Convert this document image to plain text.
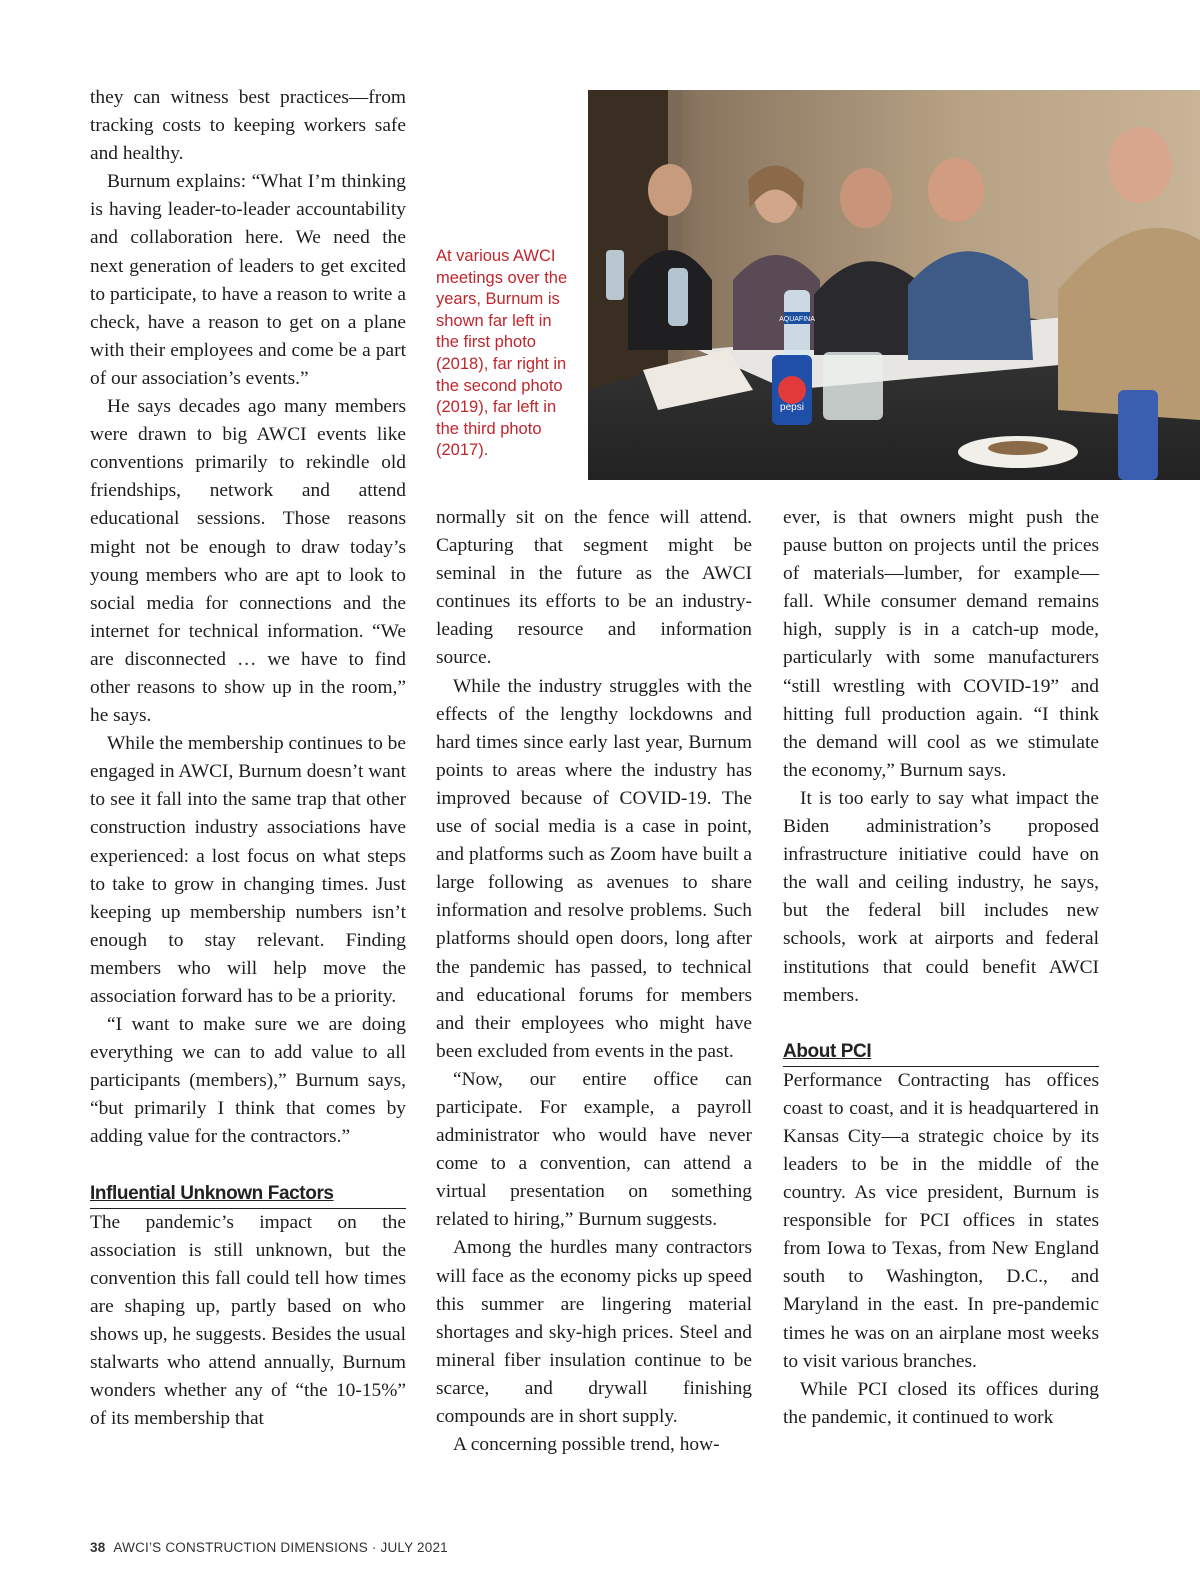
they can witness best practices—from tracking costs to keeping workers safe and healthy.

Burnum explains: “What I’m thinking is having leader-to-leader accountability and collaboration here. We need the next generation of leaders to get excited to participate, to have a reason to write a check, have a reason to get on a plane with their employees and come be a part of our association’s events.”

He says decades ago many members were drawn to big AWCI events like conventions primarily to rekindle old friendships, network and attend educational sessions. Those reasons might not be enough to draw today’s young members who are apt to look to social media for connections and the internet for technical information. “We are disconnected … we have to find other reasons to show up in the room,” he says.

While the membership continues to be engaged in AWCI, Burnum doesn’t want to see it fall into the same trap that other construction industry associations have experienced: a lost focus on what steps to take to grow in changing times. Just keeping up membership numbers isn’t enough to stay relevant. Finding members who will help move the association forward has to be a priority.

“I want to make sure we are doing everything we can to add value to all participants (members),” Burnum says, “but primarily I think that comes by adding value for the contractors.”

Influential Unknown Factors

The pandemic’s impact on the association is still unknown, but the convention this fall could tell how times are shaping up, partly based on who shows up, he suggests. Besides the usual stalwarts who attend annually, Burnum wonders whether any of “the 10-15%” of its membership that

At various AWCI meetings over the years, Burnum is shown far left in the first photo (2018), far right in the second photo (2019), far left in the third photo (2017).
AQUAFINA
pepsi

normally sit on the fence will attend. Capturing that segment might be seminal in the future as the AWCI continues its efforts to be an industry-leading resource and information source.

While the industry struggles with the effects of the lengthy lockdowns and hard times since early last year, Burnum points to areas where the industry has improved because of COVID-19. The use of social media is a case in point, and platforms such as Zoom have built a large following as avenues to share information and resolve problems. Such platforms should open doors, long after the pandemic has passed, to technical and educational forums for members and their employees who might have been excluded from events in the past.

“Now, our entire office can participate. For example, a payroll administrator who would have never come to a convention, can attend a virtual presentation on something related to hiring,” Burnum suggests.

Among the hurdles many contractors will face as the economy picks up speed this summer are lingering material shortages and sky-high prices. Steel and mineral fiber insulation continue to be scarce, and drywall finishing compounds are in short supply.

A concerning possible trend, how-

ever, is that owners might push the pause button on projects until the prices of materials—lumber, for example—fall. While consumer demand remains high, supply is in a catch-up mode, particularly with some manufacturers “still wrestling with COVID-19” and hitting full production again. “I think the demand will cool as we stimulate the economy,” Burnum says.

It is too early to say what impact the Biden administration’s proposed infrastructure initiative could have on the wall and ceiling industry, he says, but the federal bill includes new schools, work at airports and federal institutions that could benefit AWCI members.

About PCI

Performance Contracting has offices coast to coast, and it is headquartered in Kansas City—a strategic choice by its leaders to be in the middle of the country. As vice president, Burnum is responsible for PCI offices in states from Iowa to Texas, from New England south to Washington, D.C., and Maryland in the east. In pre-pandemic times he was on an airplane most weeks to visit various branches.

While PCI closed its offices during the pandemic, it continued to work

38 AWCI’S CONSTRUCTION DIMENSIONS · JULY 2021
